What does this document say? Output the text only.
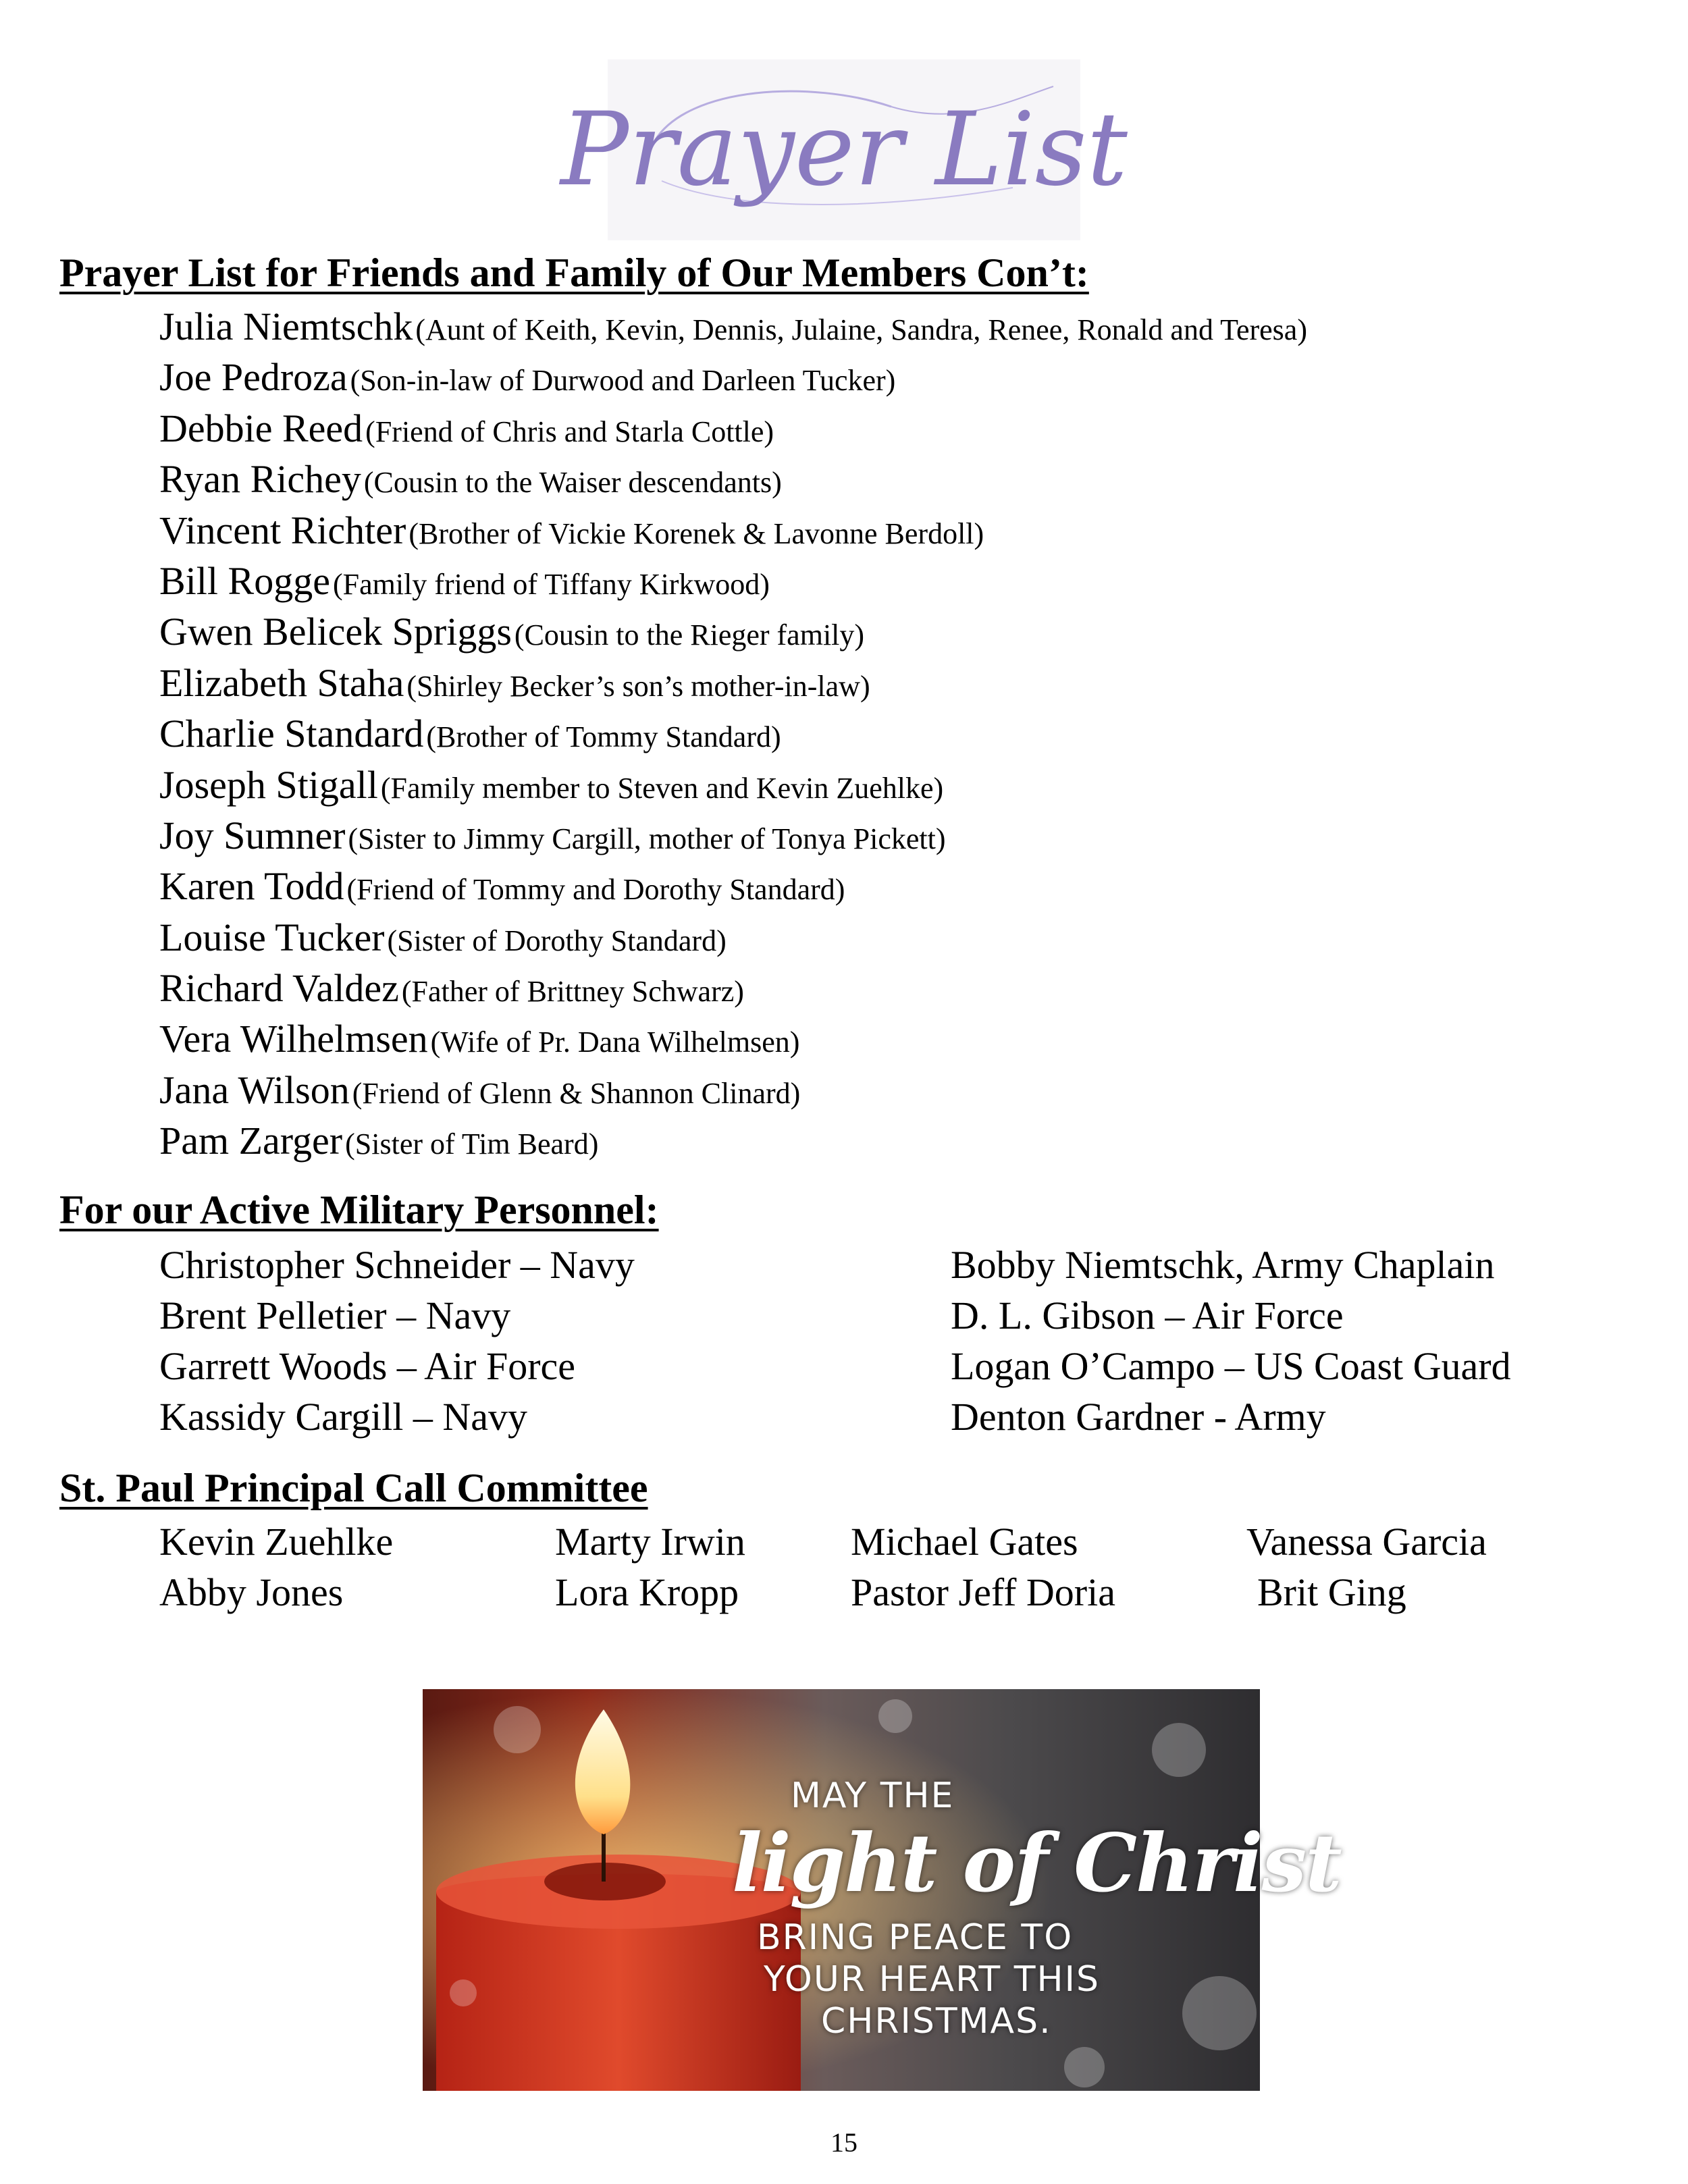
Prayer List
Prayer List for Friends and Family of Our Members Con’t:
Julia Niemtschk (Aunt of Keith, Kevin, Dennis, Julaine, Sandra, Renee, Ronald and Teresa)
Joe Pedroza (Son-in-law of Durwood and Darleen Tucker)
Debbie Reed (Friend of Chris and Starla Cottle)
Ryan Richey (Cousin to the Waiser descendants)
Vincent Richter (Brother of Vickie Korenek & Lavonne Berdoll)
Bill Rogge (Family friend of Tiffany Kirkwood)
Gwen Belicek Spriggs (Cousin to the Rieger family)
Elizabeth Staha (Shirley Becker’s son’s mother-in-law)
Charlie Standard (Brother of Tommy Standard)
Joseph Stigall (Family member to Steven and Kevin Zuehlke)
Joy Sumner (Sister to Jimmy Cargill, mother of Tonya Pickett)
Karen Todd (Friend of Tommy and Dorothy Standard)
Louise Tucker (Sister of Dorothy Standard)
Richard Valdez (Father of Brittney Schwarz)
Vera Wilhelmsen (Wife of Pr. Dana Wilhelmsen)
Jana Wilson (Friend of Glenn & Shannon Clinard)
Pam Zarger (Sister of Tim Beard)
For our Active Military Personnel:
Christopher Schneider – Navy
Brent Pelletier – Navy
Garrett Woods – Air Force
Kassidy Cargill – Navy
Bobby Niemtschk, Army Chaplain
D. L. Gibson – Air Force
Logan O’Campo – US Coast Guard
Denton Gardner - Army
St. Paul Principal Call Committee
Kevin Zuehlke	Marty Irwin	Michael Gates	Vanessa Garcia
Abby Jones	Lora Kropp	Pastor Jeff Doria	Brit Ging
MAY THE
light of Christ
BRING PEACE TO
YOUR HEART THIS
CHRISTMAS.
15
